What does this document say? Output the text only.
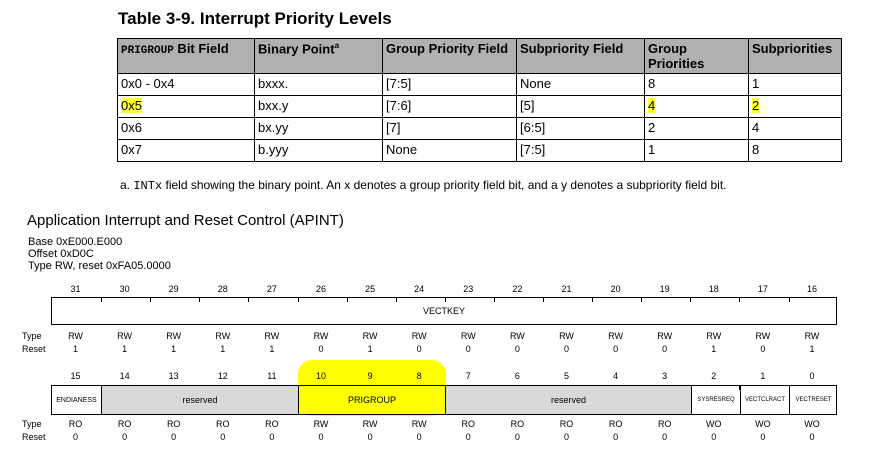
Table 3-9. Interrupt Priority Levels
PRIGROUP Bit Field	Binary Point$^a$	Group Priority Field	Subpriority Field	Group Priorities	Subpriorities
0x0 - 0x4	bxxx.	[7:5]	None	8	1
0x5	bxx.y	[7:6]	[5]	4	2
0x6	bx.yy	[7]	[6:5]	2	4
0x7	b.yyy	None	[7:5]	1	8
a. INTx field showing the binary point. An x denotes a group priority field bit, and a y denotes a subpriority field bit.
Application Interrupt and Reset Control (APINT)
Base 0xE000.E000
Offset 0xD0C
Type RW, reset 0xFA05.0000
31	30	29	28	27	26	25	24	23	22	21	20	19	18	17	16
VECTKEY
Type
Reset
RW	RW	RW	RW	RW	RW	RW	RW	RW	RW	RW	RW	RW	RW	RW	RW
1	1	1	1	1	0	1	0	0	0	0	0	0	1	0	1
15	14	13	12	11	10	9	8	7	6	5	4	3	2	1	0
ENDIANESS	reserved	PRIGROUP	reserved	SYSRESREQ	VECTCLRACT	VECTRESET
Type
Reset
RO	RO	RO	RO	RO	RW	RW	RW	RO	RO	RO	RO	RO	WO	WO	WO
0	0	0	0	0	0	0	0	0	0	0	0	0	0	0	0
